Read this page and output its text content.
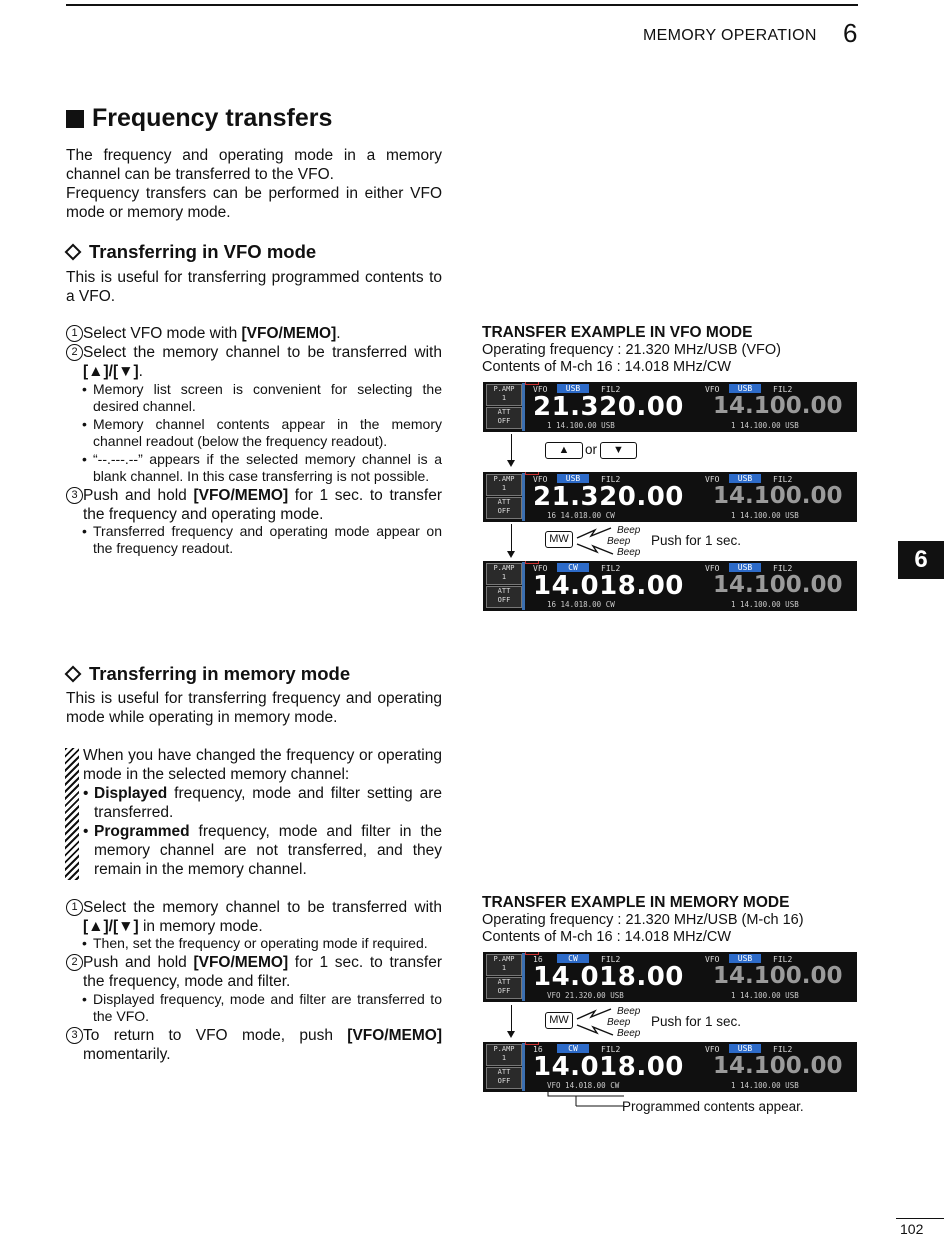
MEMORY OPERATION 6
6
Frequency transfers
The frequency and operating mode in a memory channel can be transferred to the VFO.
Frequency transfers can be performed in either VFO mode or memory mode.
Transferring in VFO mode
This is useful for transferring programmed contents to a VFO.
1 Select VFO mode with [VFO/MEMO].
2 Select the memory channel to be transferred with [▲]/[▼].
• Memory list screen is convenient for selecting the desired channel.
• Memory channel contents appear in the memory channel readout (below the frequency readout).
• “--.---.--” appears if the selected memory channel is a blank channel. In this case transferring is not possible.
3 Push and hold [VFO/MEMO] for 1 sec. to transfer the frequency and operating mode.
• Transferred frequency and operating mode appear on the frequency readout.
TRANSFER EXAMPLE IN VFO MODE
Operating frequency : 21.320 MHz/USB (VFO)
Contents of M-ch 16 : 14.018 MHz/CW
P.AMP
1
ATT
OFF
VFO	USB	FIL2
21.320.00
1 14.100.00 USB
VFO	USB	FIL2
14.100.00
1 14.100.00 USB
▲	or	▼
P.AMP
1
ATT
OFF
VFO	USB	FIL2
21.320.00
16 14.018.00 CW
VFO	USB	FIL2
14.100.00
1 14.100.00 USB
MW
Beep
Beep
Beep
Push for 1 sec.
P.AMP
1
ATT
OFF
VFO	CW	FIL2
14.018.00
16 14.018.00 CW
VFO	USB	FIL2
14.100.00
1 14.100.00 USB
Transferring in memory mode
This is useful for transferring frequency and operating mode while operating in memory mode.
When you have changed the frequency or operating mode in the selected memory channel:
• Displayed frequency, mode and filter setting are transferred.
• Programmed frequency, mode and filter in the memory channel are not transferred, and they remain in the memory channel.
1 Select the memory channel to be transferred with [▲]/[▼] in memory mode.
• Then, set the frequency or operating mode if required.
2 Push and hold [VFO/MEMO] for 1 sec. to transfer the frequency, mode and filter.
• Displayed frequency, mode and filter are transferred to the VFO.
3 To return to VFO mode, push [VFO/MEMO] momentarily.
TRANSFER EXAMPLE IN MEMORY MODE
Operating frequency : 21.320 MHz/USB (M-ch 16)
Contents of M-ch 16 : 14.018 MHz/CW
P.AMP
1
ATT
OFF
16	CW	FIL2
14.018.00
VFO 21.320.00 USB
VFO	USB	FIL2
14.100.00
1 14.100.00 USB
MW
Beep
Beep
Beep
Push for 1 sec.
P.AMP
1
ATT
OFF
16	CW	FIL2
14.018.00
VFO 14.018.00 CW
VFO	USB	FIL2
14.100.00
1 14.100.00 USB
Programmed contents appear.
102
